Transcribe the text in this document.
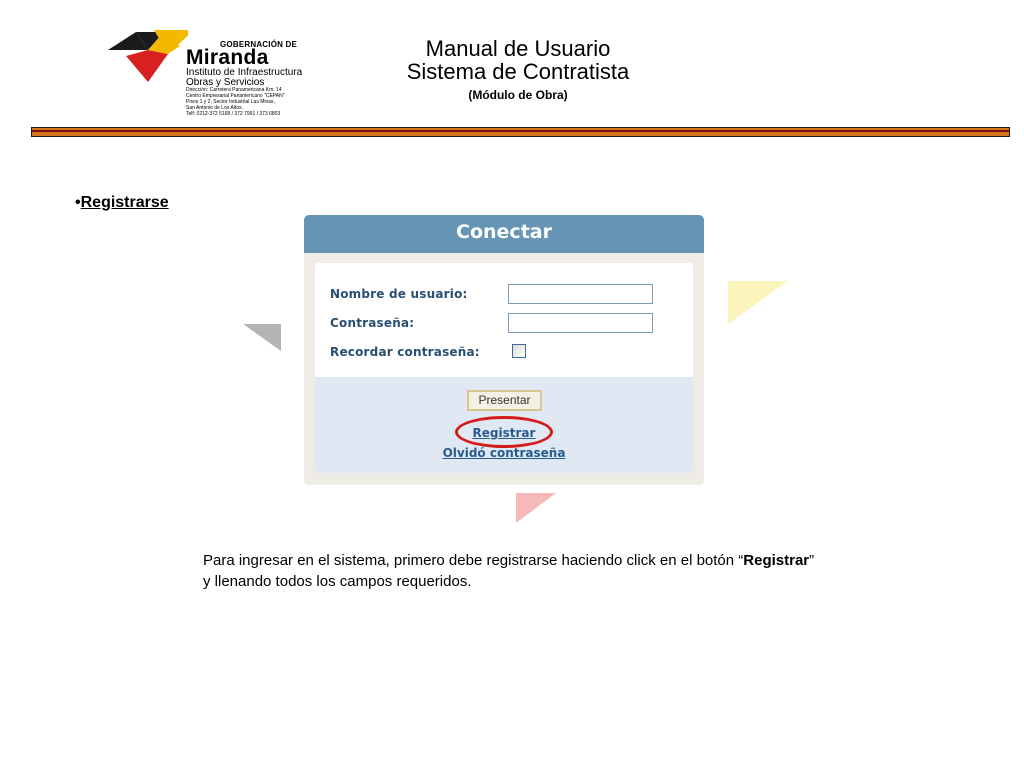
GOBERNACIÓN DE
Miranda
Instituto de Infraestructura
Obras y Servicios
Dirección: Carretera Panamericana Km. 14
Centro Empresarial Panamericano "CEPAN"
Pisos 1 y 2, Sector Industrial Las Minas,
San Antonio de Los Altos.
Telf: 0212-372 5168 / 372 7991 / 373 6803
Manual de Usuario
Sistema de Contratista
(Módulo de Obra)
•Registrarse
Conectar
Nombre de usuario:
Contraseña:
Recordar contraseña:
Presentar
Registrar
Olvidó contraseña
Para ingresar en el sistema, primero debe registrarse haciendo click en el botón “Registrar”
y llenando todos los campos requeridos.
